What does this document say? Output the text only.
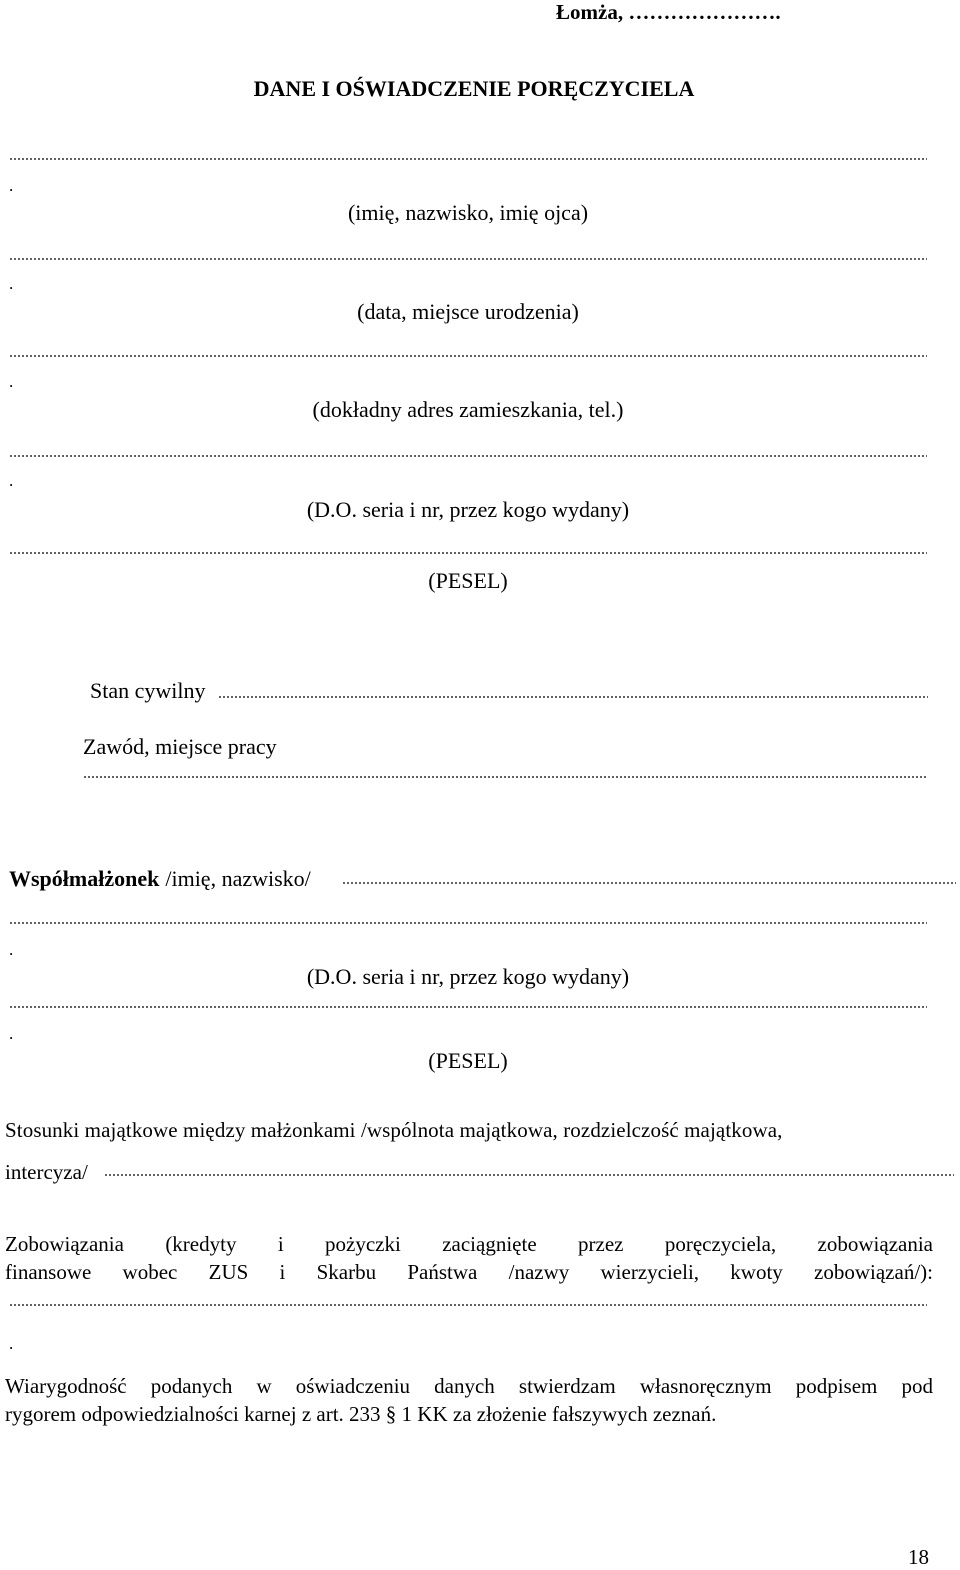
Łomża, ………………….
DANE I OŚWIADCZENIE PORĘCZYCIELA
.
(imię, nazwisko, imię ojca)
.
(data, miejsce urodzenia)
.
(dokładny adres zamieszkania, tel.)
.
(D.O. seria i nr, przez kogo wydany)
(PESEL)
Stan cywilny
Zawód, miejsce pracy
Współmałżonek /imię, nazwisko/
.
(D.O. seria i nr, przez kogo wydany)
.
(PESEL)
Stosunki majątkowe między małżonkami /wspólnota majątkowa, rozdzielczość majątkowa,
intercyza/
Zobowiązania (kredyty i pożyczki zaciągnięte przez poręczyciela, zobowiązania
finansowe wobec ZUS i Skarbu Państwa /nazwy wierzycieli, kwoty zobowiązań/):
.
Wiarygodność podanych w oświadczeniu danych stwierdzam własnoręcznym podpisem pod
rygorem odpowiedzialności karnej z art. 233 § 1 KK za złożenie fałszywych zeznań.
18
